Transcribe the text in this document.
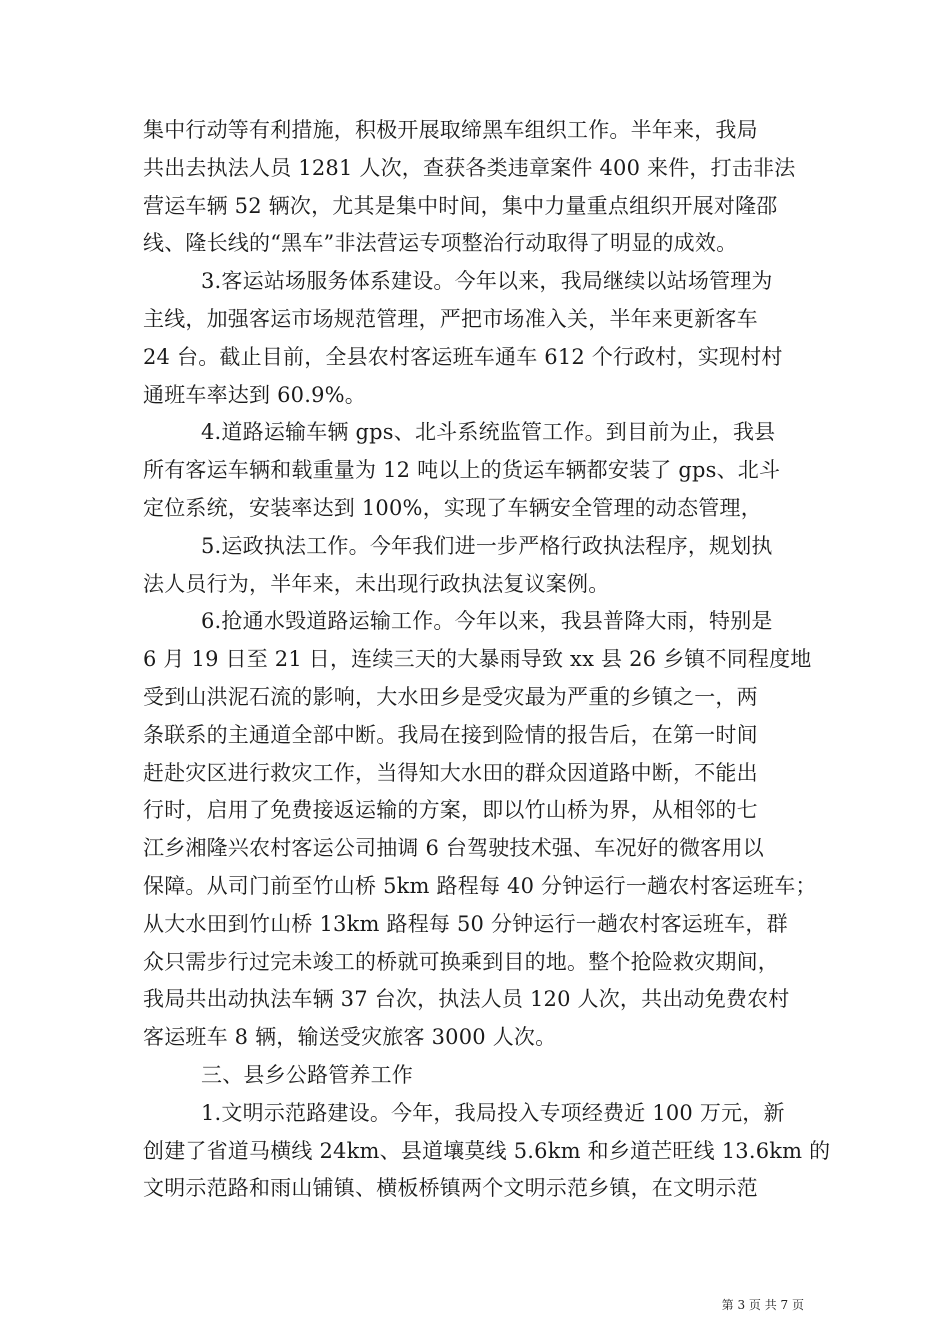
集中行动等有利措施，积极开展取缔黑车组织工作。半年来，我局
共出去执法人员 1281 人次，查获各类违章案件 400 来件，打击非法
营运车辆 52 辆次，尤其是集中时间，集中力量重点组织开展对隆邵
线、隆长线的“黑车”非法营运专项整治行动取得了明显的成效。
3.客运站场服务体系建设。今年以来，我局继续以站场管理为
主线，加强客运市场规范管理，严把市场准入关，半年来更新客车
24 台。截止目前，全县农村客运班车通车 612 个行政村，实现村村
通班车率达到 60.9%。
4.道路运输车辆 gps、北斗系统监管工作。到目前为止，我县
所有客运车辆和载重量为 12 吨以上的货运车辆都安装了 gps、北斗
定位系统，安装率达到 100%，实现了车辆安全管理的动态管理，
5.运政执法工作。今年我们进一步严格行政执法程序，规划执
法人员行为，半年来，未出现行政执法复议案例。
6.抢通水毁道路运输工作。今年以来，我县普降大雨，特别是
6 月 19 日至 21 日，连续三天的大暴雨导致 xx 县 26 乡镇不同程度地
受到山洪泥石流的影响，大水田乡是受灾最为严重的乡镇之一，两
条联系的主通道全部中断。我局在接到险情的报告后，在第一时间
赶赴灾区进行救灾工作，当得知大水田的群众因道路中断，不能出
行时，启用了免费接返运输的方案，即以竹山桥为界，从相邻的七
江乡湘隆兴农村客运公司抽调 6 台驾驶技术强、车况好的微客用以
保障。从司门前至竹山桥 5km 路程每 40 分钟运行一趟农村客运班车；
从大水田到竹山桥 13km 路程每 50 分钟运行一趟农村客运班车，群
众只需步行过完未竣工的桥就可换乘到目的地。整个抢险救灾期间，
我局共出动执法车辆 37 台次，执法人员 120 人次，共出动免费农村
客运班车 8 辆，输送受灾旅客 3000 人次。
三、县乡公路管养工作
1.文明示范路建设。今年，我局投入专项经费近 100 万元，新
创建了省道马横线 24km、县道壤莫线 5.6km 和乡道芒旺线 13.6km 的
文明示范路和雨山铺镇、横板桥镇两个文明示范乡镇，在文明示范
第 3 页 共 7 页
